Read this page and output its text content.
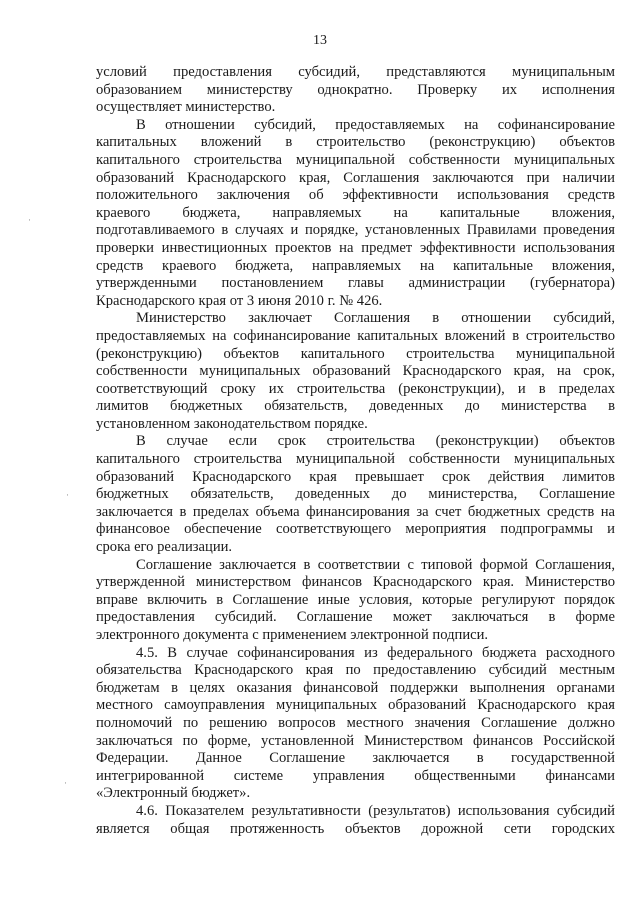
13
условий предоставления субсидий, представляются муниципальным
образованием министерству однократно. Проверку их исполнения
осуществляет министерство.
В отношении субсидий, предоставляемых на софинансирование
капитальных вложений в строительство (реконструкцию) объектов
капитального строительства муниципальной собственности муниципальных
образований Краснодарского края, Соглашения заключаются при наличии
положительного заключения об эффективности использования средств
краевого бюджета, направляемых на капитальные вложения,
подготавливаемого в случаях и порядке, установленных Правилами проведения
проверки инвестиционных проектов на предмет эффективности использования
средств краевого бюджета, направляемых на капитальные вложения,
утвержденными постановлением главы администрации (губернатора)
Краснодарского края от 3 июня 2010 г. № 426.
Министерство заключает Соглашения в отношении субсидий,
предоставляемых на софинансирование капитальных вложений в строительство
(реконструкцию) объектов капитального строительства муниципальной
собственности муниципальных образований Краснодарского края, на срок,
соответствующий сроку их строительства (реконструкции), и в пределах
лимитов бюджетных обязательств, доведенных до министерства в
установленном законодательством порядке.
В случае если срок строительства (реконструкции) объектов
капитального строительства муниципальной собственности муниципальных
образований Краснодарского края превышает срок действия лимитов
бюджетных обязательств, доведенных до министерства, Соглашение
заключается в пределах объема финансирования за счет бюджетных средств на
финансовое обеспечение соответствующего мероприятия подпрограммы и
срока его реализации.
Соглашение заключается в соответствии с типовой формой Соглашения,
утвержденной министерством финансов Краснодарского края. Министерство
вправе включить в Соглашение иные условия, которые регулируют порядок
предоставления субсидий. Соглашение может заключаться в форме
электронного документа с применением электронной подписи.
4.5. В случае софинансирования из федерального бюджета расходного
обязательства Краснодарского края по предоставлению субсидий местным
бюджетам в целях оказания финансовой поддержки выполнения органами
местного самоуправления муниципальных образований Краснодарского края
полномочий по решению вопросов местного значения Соглашение должно
заключаться по форме, установленной Министерством финансов Российской
Федерации. Данное Соглашение заключается в государственной
интегрированной системе управления общественными финансами
«Электронный бюджет».
4.6. Показателем результативности (результатов) использования субсидий
является общая протяженность объектов дорожной сети городских
·
·
·
